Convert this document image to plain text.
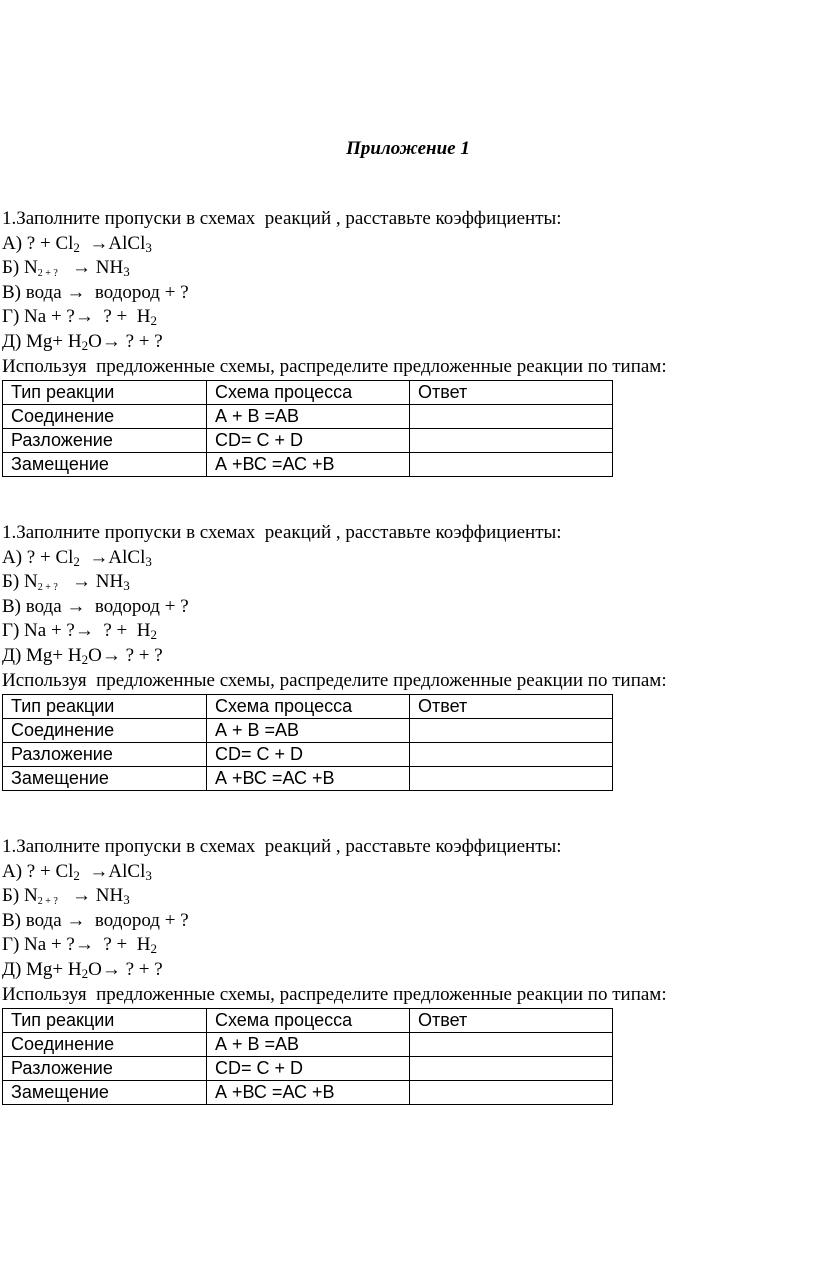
Приложение 1
1.Заполните пропуски в схемах  реакций , расставьте коэффициенты:
А) ? + $Cl_2$  →AlCl$_3$
Б) N2 + ?   → $NH_3$
В) вода →  водород + ?
Г) Na + ?→  ? +  $H_2$
Д) $Mg+ H_2O\to$ ? + ?
Используя  предложенные схемы, распределите предложенные реакции по типам:
Тип реакции	Схема процесса	Ответ
Соединение	А + В =АВ	
Разложение	CD= C + D	
Замещение	А +ВС =АС +В	
1.Заполните пропуски в схемах  реакций , расставьте коэффициенты:
А) ? + $Cl_2$  →AlCl$_3$
Б) N2 + ?   → $NH_3$
В) вода →  водород + ?
Г) Na + ?→  ? +  $H_2$
Д) $Mg+ H_2O\to$ ? + ?
Используя  предложенные схемы, распределите предложенные реакции по типам:
Тип реакции	Схема процесса	Ответ
Соединение	А + В =АВ	
Разложение	CD= C + D	
Замещение	А +ВС =АС +В	
1.Заполните пропуски в схемах  реакций , расставьте коэффициенты:
А) ? + $Cl_2$  →AlCl$_3$
Б) N2 + ?   → $NH_3$
В) вода →  водород + ?
Г) Na + ?→  ? +  $H_2$
Д) $Mg+ H_2O\to$ ? + ?
Используя  предложенные схемы, распределите предложенные реакции по типам:
Тип реакции	Схема процесса	Ответ
Соединение	А + В =АВ	
Разложение	CD= C + D	
Замещение	А +ВС =АС +В	
